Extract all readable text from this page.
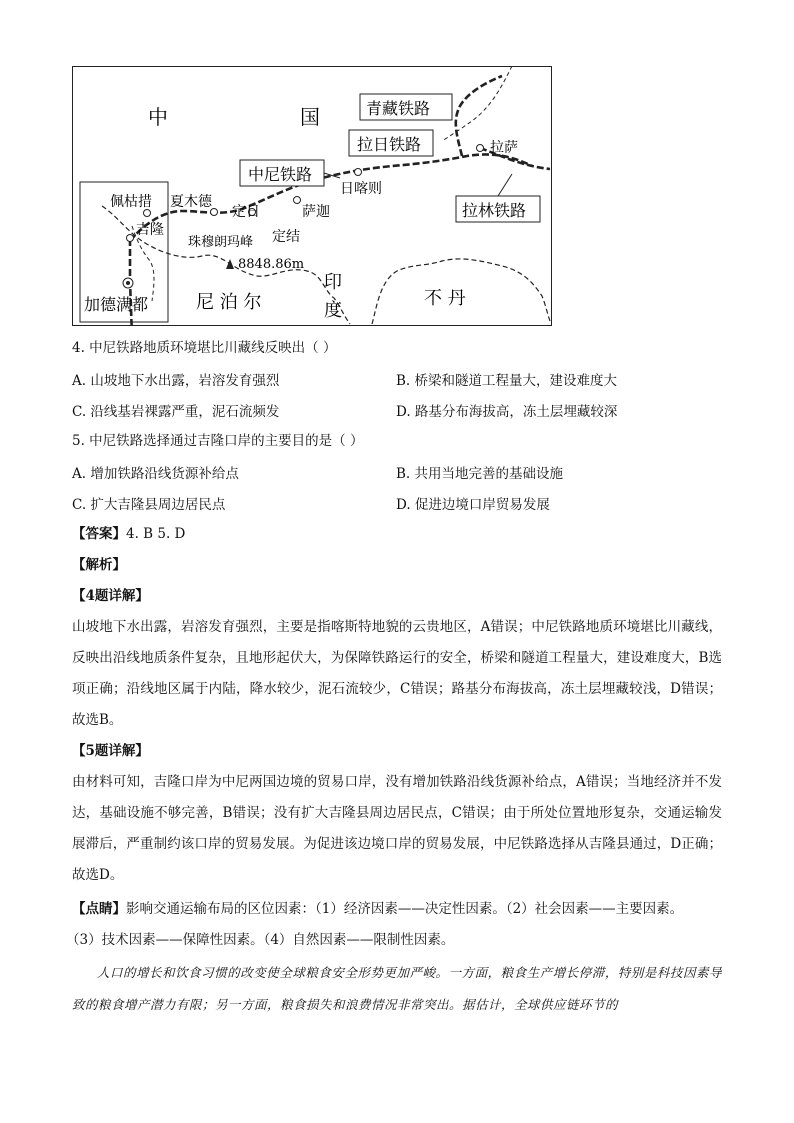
中	国	青藏铁路
拉日铁路
中尼铁路
拉林铁路
拉萨
日喀则
佩枯措 夏木德
定日	萨迦
定结
吉隆
珠穆朗玛峰
8848.86m
加德满都	尼 泊 尔
印
度
不 丹
4. 中尼铁路地质环境堪比川藏线反映出（ ）
A. 山坡地下水出露，岩溶发育强烈	B. 桥梁和隧道工程量大，建设难度大
C. 沿线基岩裸露严重，泥石流频发	D. 路基分布海拔高，冻土层埋藏较深
5. 中尼铁路选择通过吉隆口岸的主要目的是（ ）
A. 增加铁路沿线货源补给点	B. 共用当地完善的基础设施
C. 扩大吉隆县周边居民点	D. 促进边境口岸贸易发展
【答案】4. B 5. D
【解析】
【4题详解】
山坡地下水出露，岩溶发育强烈，主要是指喀斯特地貌的云贵地区，A错误；中尼铁路地质环境堪比川藏线，反映出沿线地质条件复杂，且地形起伏大，为保障铁路运行的安全，桥梁和隧道工程量大，建设难度大，B选项正确；沿线地区属于内陆，降水较少，泥石流较少，C错误；路基分布海拔高，冻土层埋藏较浅，D错误；故选B。
【5题详解】
由材料可知，吉隆口岸为中尼两国边境的贸易口岸，没有增加铁路沿线货源补给点，A错误；当地经济并不发达，基础设施不够完善，B错误；没有扩大吉隆县周边居民点，C错误；由于所处位置地形复杂，交通运输发展滞后，严重制约该口岸的贸易发展。为促进该边境口岸的贸易发展，中尼铁路选择从吉隆县通过，D正确；故选D。
【点睛】影响交通运输布局的区位因素：（1）经济因素——决定性因素。（2）社会因素——主要因素。
（3）技术因素——保障性因素。（4）自然因素——限制性因素。
人口的增长和饮食习惯的改变使全球粮食安全形势更加严峻。一方面，粮食生产增长停滞，特别是科技因素导致的粮食增产潜力有限；另一方面，粮食损失和浪费情况非常突出。据估计，全球供应链环节的
